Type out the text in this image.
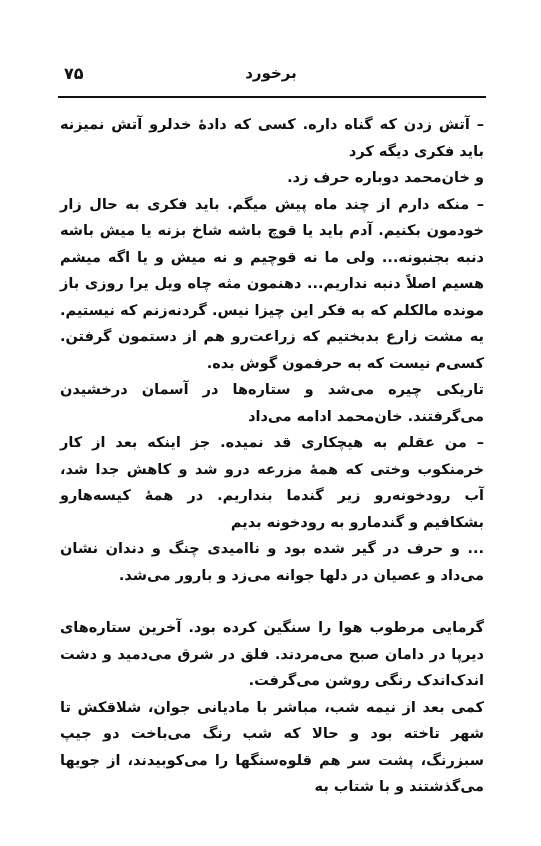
۷۵	برخورد

– آتش زدن که گناه داره. کسی که دادهٔ خدلرو آتش نمیزنه باید فکری دیگه کرد

و خان‌محمد دوباره حرف زد.

– منکه دارم از چند ماه پیش میگم. باید فکری به حال زار خودمون بکنیم. آدم باید یا قوچ باشه شاخ بزنه یا میش باشه دنبه بجنبونه... ولی ما نه قوچیم و نه میش و یا اگه میشم هسیم اصلاً دنبه نداریم... دهنمون مثه چاه ویل یرا روزی باز مونده مالکلم که به فکر این چیزا نیس. گردنه‌زنم که نیستیم. یه مشت زارع بدبختیم که زراعت‌رو هم از دستمون گرفتن. کسی‌م نیست که به حرفمون گوش بده.

تاریکی چیره می‌شد و ستاره‌ها در آسمان درخشیدن می‌گرفتند. خان‌محمد ادامه می‌داد

– من عقلم به هیچکاری قد نمیده. جز اینکه بعد از کار خرمنکوب وختی که همهٔ مزرعه درو شد و کاهش جدا شد، آب رودخونه‌رو زیر گندما بنداریم. در همهٔ کیسه‌هارو بشکافیم و گندمارو به رودخونه بدیم

... و حرف در گیر شده بود و ناامیدی چنگ و دندان نشان می‌داد و عصیان در دلها جوانه می‌زد و بارور می‌شد.

گرمایی مرطوب هوا را سنگین کرده بود. آخرین ستاره‌های دیرپا در دامان صبح می‌مردند. فلق در شرق می‌دمید و دشت اندک‌اندک رنگی روشن می‌گرفت.

کمی بعد از نیمه شب، مباشر با مادیانی جوان، شلاقکش تا شهر تاخته بود و حالا که شب رنگ می‌باخت دو جیپ سبزرنگ، پشت سر هم قلوه‌سنگها را می‌کوبیدند، از جویها می‌گذشتند و با شتاب به
